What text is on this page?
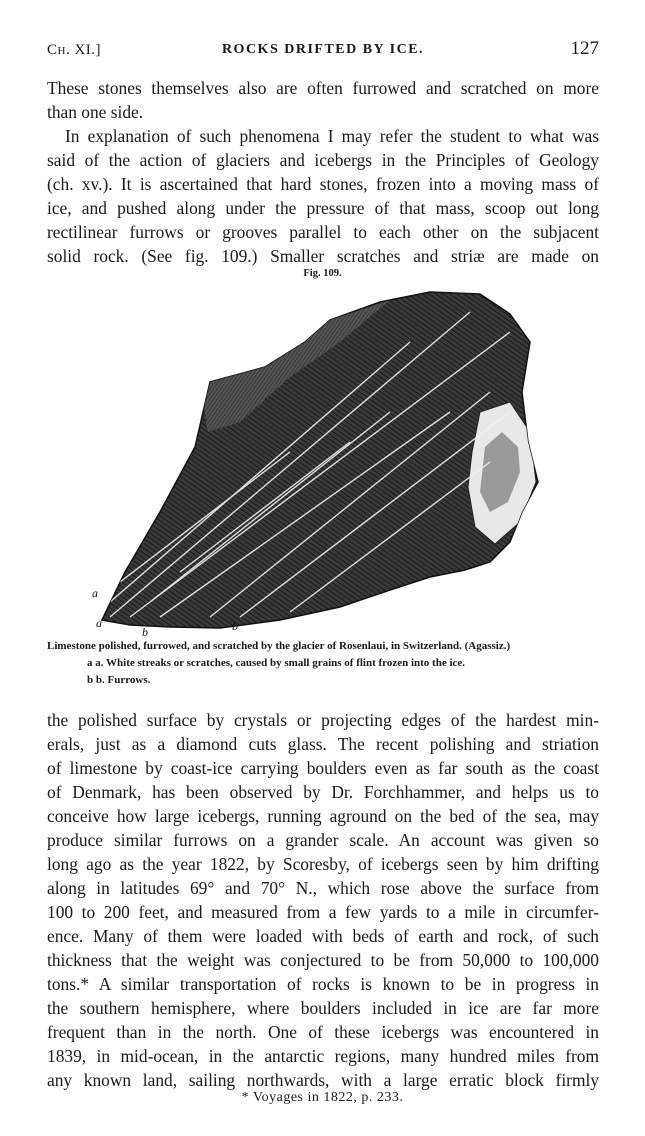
Ch. XI.]	ROCKS DRIFTED BY ICE.	127
These stones themselves also are often furrowed and scratched on more
than one side.
In explanation of such phenomena I may refer the student to what was
said of the action of glaciers and icebergs in the Principles of Geology
(ch. xv.). It is ascertained that hard stones, frozen into a moving mass of
ice, and pushed along under the pressure of that mass, scoop out long
rectilinear furrows or grooves parallel to each other on the subjacent
solid rock. (See fig. 109.) Smaller scratches and striæ are made on
Fig. 109.
a
a
b	b
Limestone polished, furrowed, and scratched by the glacier of Rosenlaui, in Switzerland. (Agassiz.)
a a. White streaks or scratches, caused by small grains of flint frozen into the ice.
b b. Furrows.
the polished surface by crystals or projecting edges of the hardest min-
erals, just as a diamond cuts glass. The recent polishing and striation
of limestone by coast-ice carrying boulders even as far south as the coast
of Denmark, has been observed by Dr. Forchhammer, and helps us to
conceive how large icebergs, running aground on the bed of the sea, may
produce similar furrows on a grander scale. An account was given so
long ago as the year 1822, by Scoresby, of icebergs seen by him drifting
along in latitudes 69° and 70° N., which rose above the surface from
100 to 200 feet, and measured from a few yards to a mile in circumfer-
ence. Many of them were loaded with beds of earth and rock, of such
thickness that the weight was conjectured to be from 50,000 to 100,000
tons.* A similar transportation of rocks is known to be in progress in
the southern hemisphere, where boulders included in ice are far more
frequent than in the north. One of these icebergs was encountered in
1839, in mid-ocean, in the antarctic regions, many hundred miles from
any known land, sailing northwards, with a large erratic block firmly
* Voyages in 1822, p. 233.
